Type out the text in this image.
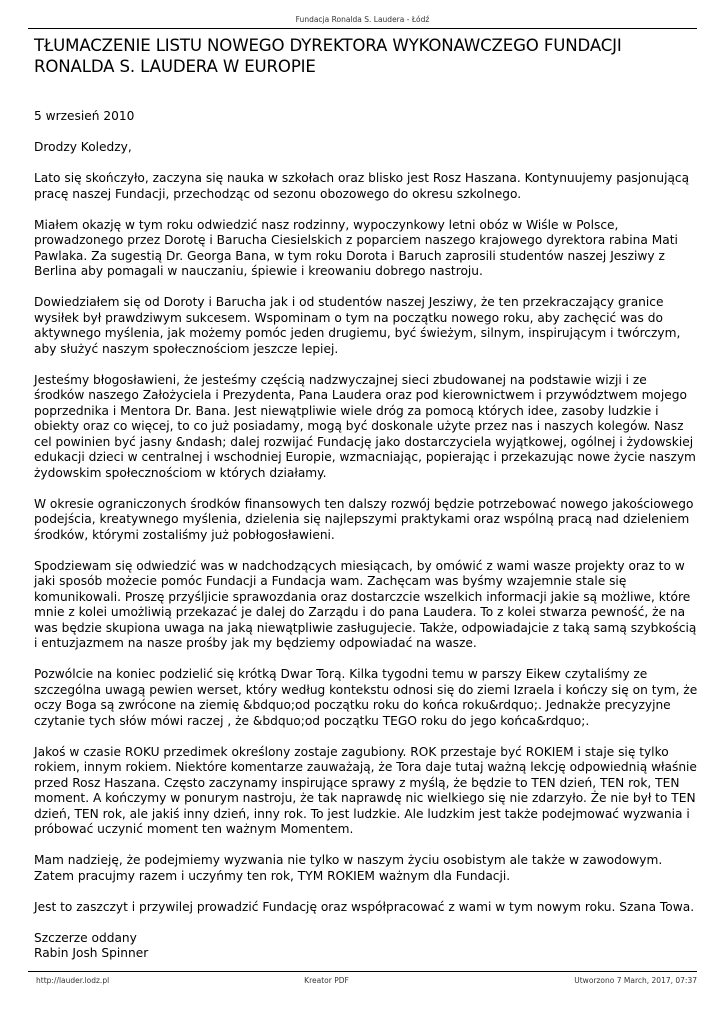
Fundacja Ronalda S. Laudera - Łódź
TŁUMACZENIE LISTU NOWEGO DYREKTORA WYKONAWCZEGO FUNDACJI
RONALDA S. LAUDERA W EUROPIE

5 wrzesień 2010

Drodzy Koledzy,

Lato się skończyło, zaczyna się nauka w szkołach oraz blisko jest Rosz Haszana. Kontynuujemy pasjonującą pracę naszej Fundacji, przechodząc od sezonu obozowego do okresu szkolnego.

Miałem okazję w tym roku odwiedzić nasz rodzinny, wypoczynkowy letni obóz w Wiśle w Polsce, prowadzonego przez Dorotę i Barucha Ciesielskich z poparciem naszego krajowego dyrektora rabina Mati Pawlaka. Za sugestią Dr. Georga Bana, w tym roku Dorota i Baruch zaprosili studentów naszej Jesziwy z Berlina aby pomagali w nauczaniu, śpiewie i kreowaniu dobrego nastroju.

Dowiedziałem się od Doroty i Barucha jak i od studentów naszej Jesziwy, że ten przekraczający granice wysiłek był prawdziwym sukcesem. Wspominam o tym na początku nowego roku, aby zachęcić was do aktywnego myślenia, jak możemy pomóc jeden drugiemu, być świeżym, silnym, inspirującym i twórczym, aby służyć naszym społecznościom jeszcze lepiej.

Jesteśmy błogosławieni, że jesteśmy częścią nadzwyczajnej sieci zbudowanej na podstawie wizji i ze środków naszego Założyciela i Prezydenta, Pana Laudera oraz pod kierownictwem i przywództwem mojego poprzednika i Mentora Dr. Bana. Jest niewątpliwie wiele dróg za pomocą których idee, zasoby ludzkie i obiekty oraz co więcej, to co już posiadamy, mogą być doskonale użyte przez nas i naszych kolegów. Nasz cel powinien być jasny &ndash; dalej rozwijać Fundację jako dostarczyciela wyjątkowej, ogólnej i żydowskiej edukacji dzieci w centralnej i wschodniej Europie, wzmacniając, popierając i przekazując nowe życie naszym żydowskim społecznościom w których działamy.

W okresie ograniczonych środków finansowych ten dalszy rozwój będzie potrzebować nowego jakościowego podejścia, kreatywnego myślenia, dzielenia się najlepszymi praktykami oraz wspólną pracą nad dzieleniem środków, którymi zostaliśmy już pobłogosławieni.

Spodziewam się odwiedzić was w nadchodzących miesiącach, by omówić z wami wasze projekty oraz to w jaki sposób możecie pomóc Fundacji a Fundacja wam. Zachęcam was byśmy wzajemnie stale się komunikowali. Proszę przyśljicie sprawozdania oraz dostarczcie wszelkich informacji jakie są możliwe, które mnie z kolei umożliwią przekazać je dalej do Zarządu i do pana Laudera. To z kolei stwarza pewność, że na was będzie skupiona uwaga na jaką niewątpliwie zasługujecie. Także, odpowiadajcie z taką samą szybkością i entuzjazmem na nasze prośby jak my będziemy odpowiadać na wasze.

Pozwólcie na koniec podzielić się krótką Dwar Torą. Kilka tygodni temu w parszy Eikew czytaliśmy ze szczególna uwagą pewien werset, który według kontekstu odnosi się do ziemi Izraela i kończy się on tym, że oczy Boga są zwrócone na ziemię &bdquo;od początku roku do końca roku&rdquo;. Jednakże precyzyjne czytanie tych słów mówi raczej , że &bdquo;od początku TEGO roku do jego końca&rdquo;.

Jakoś w czasie ROKU przedimek określony zostaje zagubiony. ROK przestaje być ROKIEM i staje się tylko rokiem, innym rokiem. Niektóre komentarze zauważają, że Tora daje tutaj ważną lekcję odpowiednią właśnie przed Rosz Haszana. Często zaczynamy inspirujące sprawy z myślą, że będzie to TEN dzień, TEN rok, TEN moment. A kończymy w ponurym nastroju, że tak naprawdę nic wielkiego się nie zdarzyło. Że nie był to TEN dzień, TEN rok, ale jakiś inny dzień, inny rok. To jest ludzkie. Ale ludzkim jest także podejmować wyzwania i próbować uczynić moment ten ważnym Momentem.

Mam nadzieję, że podejmiemy wyzwania nie tylko w naszym życiu osobistym ale także w zawodowym. Zatem pracujmy razem i uczyńmy ten rok, TYM ROKIEM ważnym dla Fundacji.

Jest to zaszczyt i przywilej prowadzić Fundację oraz współpracować z wami w tym nowym roku. Szana Towa.

Szczerze oddany

Rabin Josh Spinner

http://lauder.lodz.pl	Kreator PDF	Utworzono 7 March, 2017, 07:37
